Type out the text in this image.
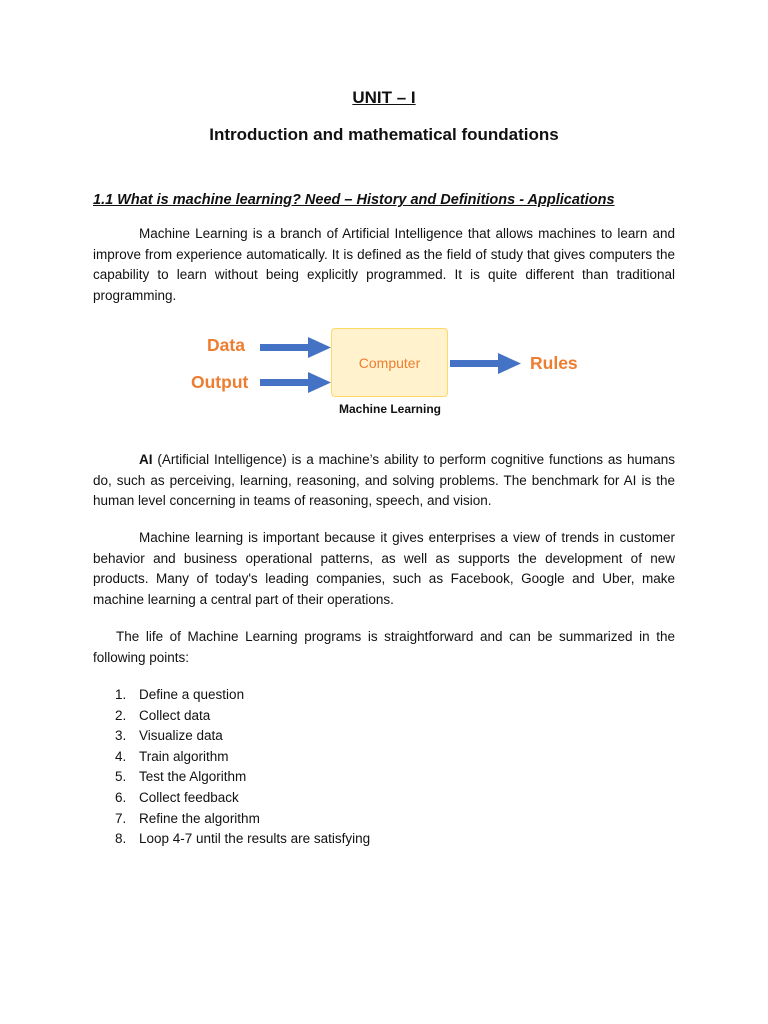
UNIT – I
Introduction and mathematical foundations
1.1 What is machine learning? Need – History and Definitions - Applications

Machine Learning is a branch of Artificial Intelligence that allows machines to learn and improve from experience automatically. It is defined as the field of study that gives computers the capability to learn without being explicitly programmed. It is quite different than traditional programming.

Data
Output
Computer	Rules
Machine Learning

AI (Artificial Intelligence) is a machine’s ability to perform cognitive functions as humans do, such as perceiving, learning, reasoning, and solving problems. The benchmark for AI is the human level concerning in teams of reasoning, speech, and vision.

Machine learning is important because it gives enterprises a view of trends in customer behavior and business operational patterns, as well as supports the development of new products. Many of today's leading companies, such as Facebook, Google and Uber, make machine learning a central part of their operations.

The life of Machine Learning programs is straightforward and can be summarized in the following points:

1. Define a question
2. Collect data
3. Visualize data
4. Train algorithm
5. Test the Algorithm
6. Collect feedback
7. Refine the algorithm
8. Loop 4-7 until the results are satisfying
